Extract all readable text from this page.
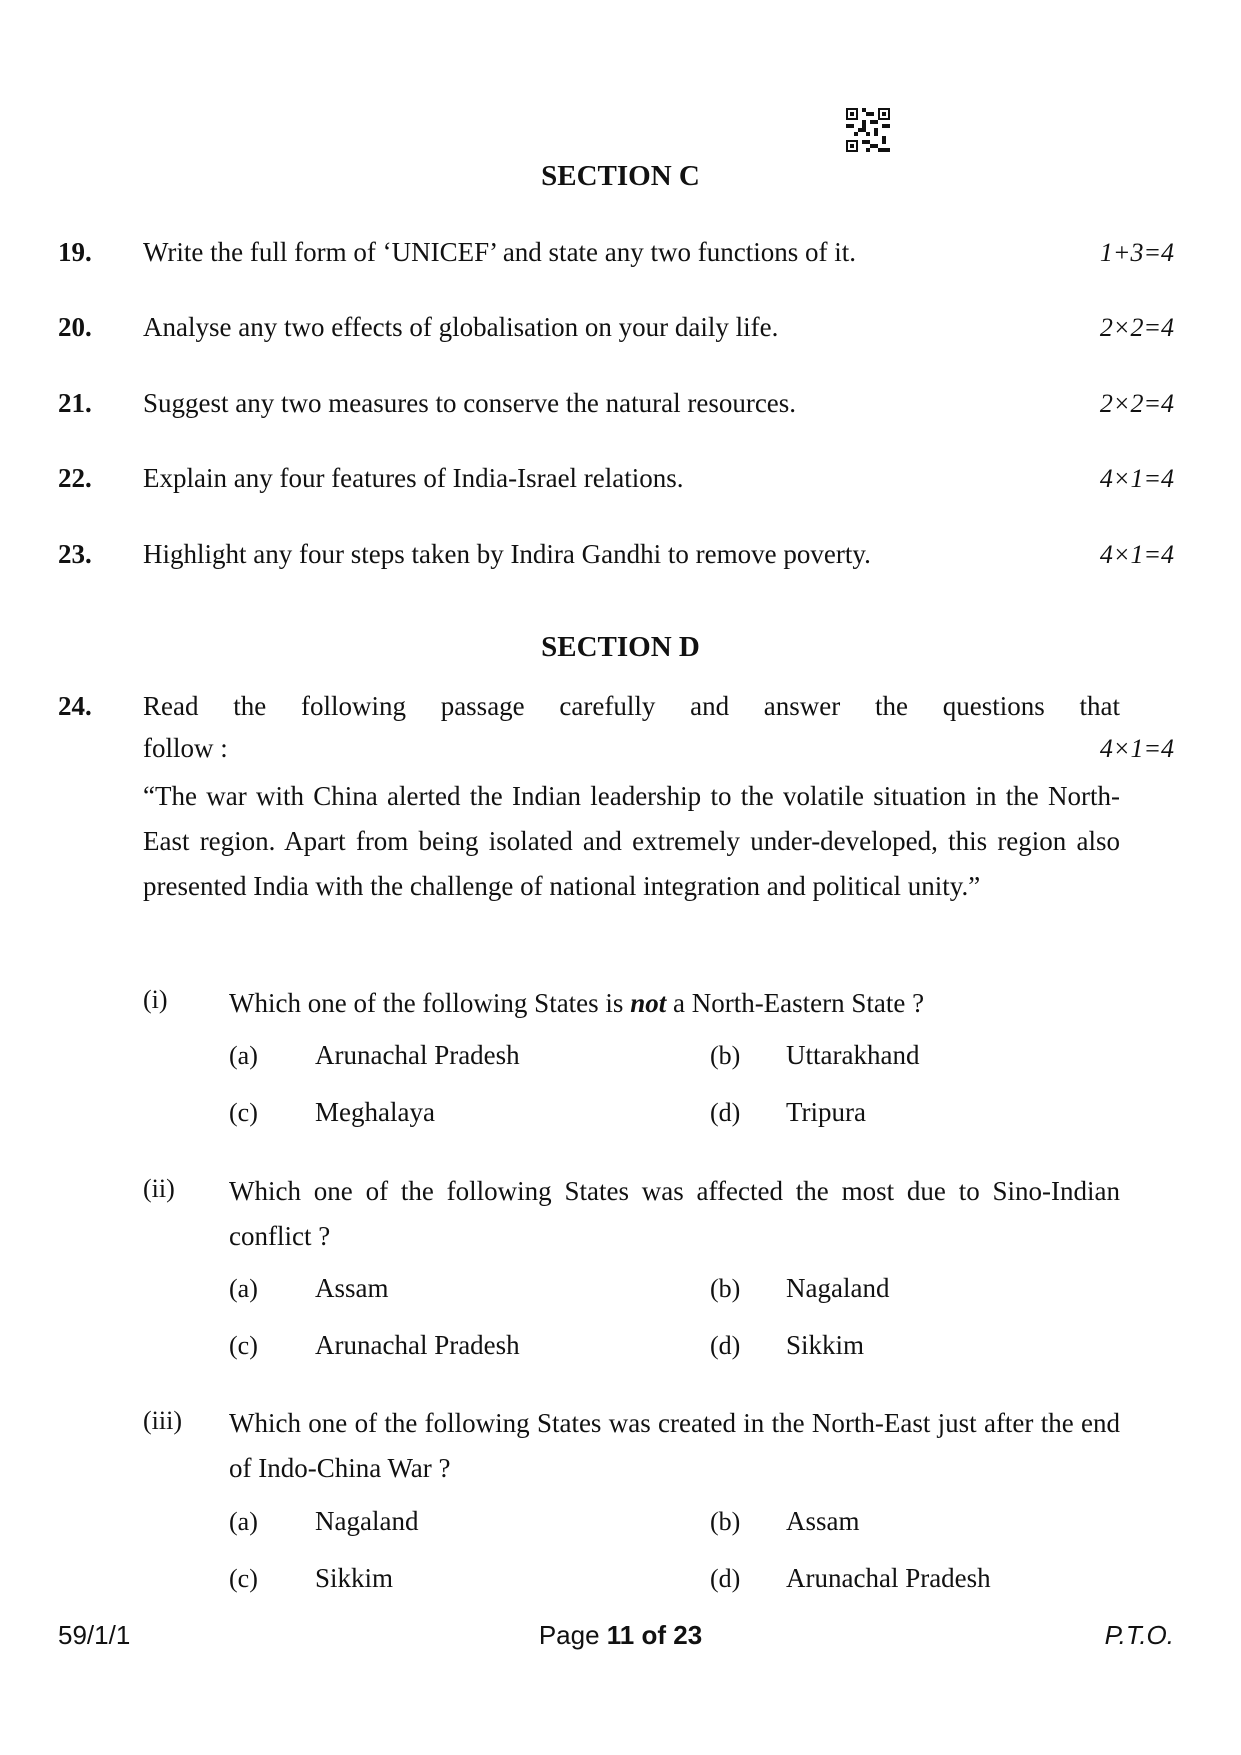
SECTION C
19. Write the full form of ‘UNICEF’ and state any two functions of it.	1+3=4
20. Analyse any two effects of globalisation on your daily life.	2×2=4
21. Suggest any two measures to conserve the natural resources.	2×2=4
22. Explain any four features of India-Israel relations.	4×1=4
23. Highlight any four steps taken by Indira Gandhi to remove poverty.	4×1=4
SECTION D
24. Read the following passage carefully and answer the questions that
follow :	4×1=4
“The war with China alerted the Indian leadership to the volatile situation in the North-East region. Apart from being isolated and extremely under-developed, this region also presented India with the challenge of national integration and political unity.”
(i) Which one of the following States is not a North-Eastern State ?
(a) Arunachal Pradesh	(b) Uttarakhand
(c) Meghalaya	(d) Tripura
(ii) Which one of the following States was affected the most due to Sino-Indian conflict ?
(a) Assam	(b) Nagaland
(c) Arunachal Pradesh	(d) Sikkim
(iii) Which one of the following States was created in the North-East just after the end of Indo-China War ?
(a) Nagaland	(b) Assam
(c) Sikkim	(d) Arunachal Pradesh
59/1/1	Page 11 of 23	P.T.O.
